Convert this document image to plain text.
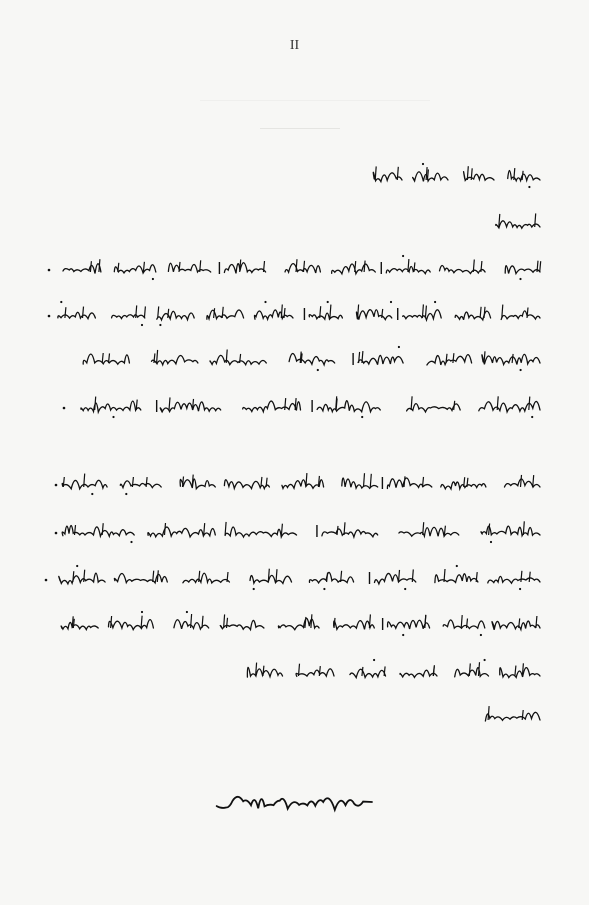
II
